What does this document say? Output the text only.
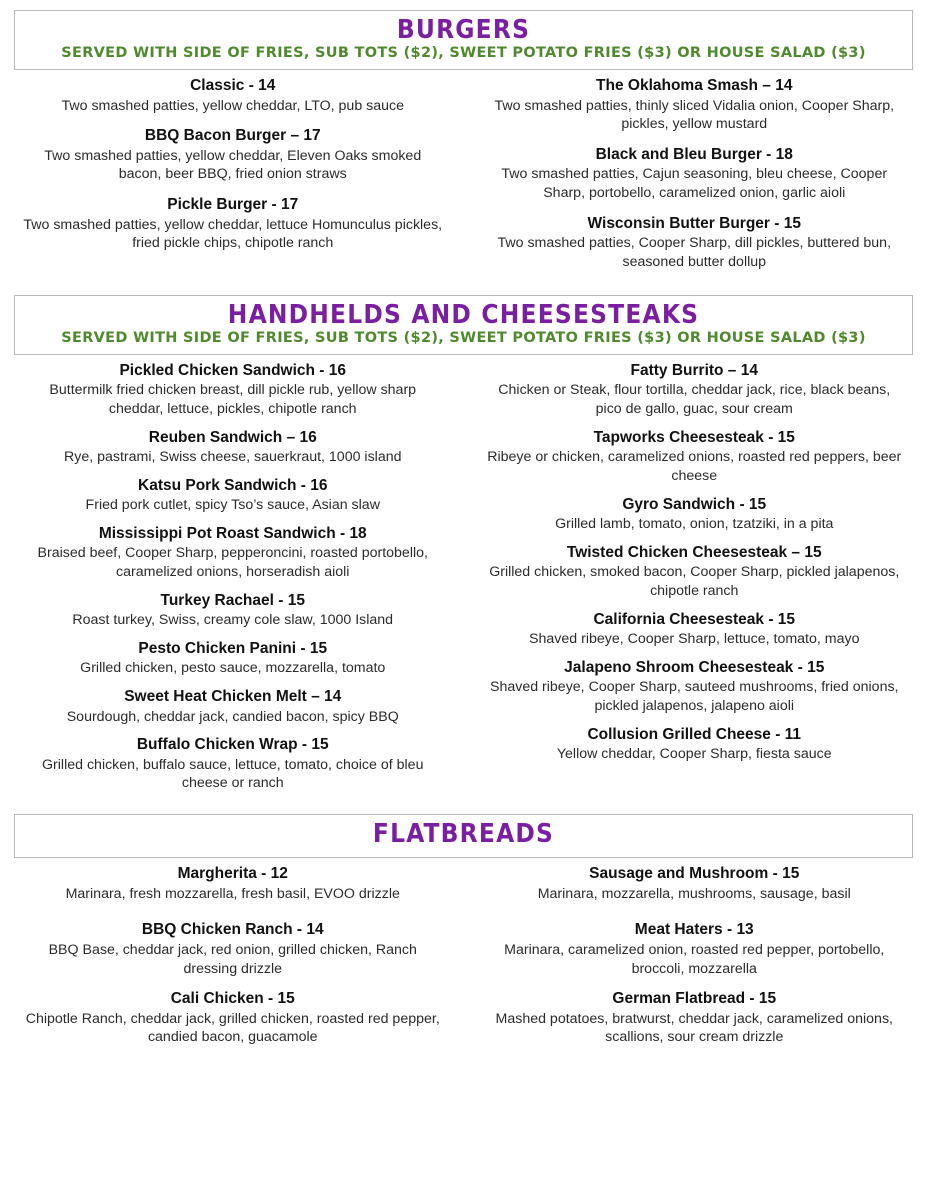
BURGERS
SERVED WITH SIDE OF FRIES, SUB TOTS ($2), SWEET POTATO FRIES ($3) OR HOUSE SALAD ($3)
Classic - 14
Two smashed patties, yellow cheddar, LTO, pub sauce
BBQ Bacon Burger – 17
Two smashed patties, yellow cheddar, Eleven Oaks smoked bacon, beer BBQ, fried onion straws
Pickle Burger - 17
Two smashed patties, yellow cheddar, lettuce Homunculus pickles, fried pickle chips, chipotle ranch
The Oklahoma Smash – 14
Two smashed patties, thinly sliced Vidalia onion, Cooper Sharp, pickles, yellow mustard
Black and Bleu Burger - 18
Two smashed patties, Cajun seasoning, bleu cheese, Cooper Sharp, portobello, caramelized onion, garlic aioli
Wisconsin Butter Burger - 15
Two smashed patties, Cooper Sharp, dill pickles, buttered bun, seasoned butter dollup
HANDHELDS AND CHEESESTEAKS
SERVED WITH SIDE OF FRIES, SUB TOTS ($2), SWEET POTATO FRIES ($3) OR HOUSE SALAD ($3)
Pickled Chicken Sandwich - 16
Buttermilk fried chicken breast, dill pickle rub, yellow sharp cheddar, lettuce, pickles, chipotle ranch
Reuben Sandwich – 16
Rye, pastrami, Swiss cheese, sauerkraut, 1000 island
Katsu Pork Sandwich - 16
Fried pork cutlet, spicy Tso’s sauce, Asian slaw
Mississippi Pot Roast Sandwich - 18
Braised beef, Cooper Sharp, pepperoncini, roasted portobello, caramelized onions, horseradish aioli
Turkey Rachael - 15
Roast turkey, Swiss, creamy cole slaw, 1000 Island
Pesto Chicken Panini - 15
Grilled chicken, pesto sauce, mozzarella, tomato
Sweet Heat Chicken Melt – 14
Sourdough, cheddar jack, candied bacon, spicy BBQ
Buffalo Chicken Wrap - 15
Grilled chicken, buffalo sauce, lettuce, tomato, choice of bleu cheese or ranch
Fatty Burrito – 14
Chicken or Steak, flour tortilla, cheddar jack, rice, black beans, pico de gallo, guac, sour cream
Tapworks Cheesesteak - 15
Ribeye or chicken, caramelized onions, roasted red peppers, beer cheese
Gyro Sandwich - 15
Grilled lamb, tomato, onion, tzatziki, in a pita
Twisted Chicken Cheesesteak – 15
Grilled chicken, smoked bacon, Cooper Sharp, pickled jalapenos, chipotle ranch
California Cheesesteak - 15
Shaved ribeye, Cooper Sharp, lettuce, tomato, mayo
Jalapeno Shroom Cheesesteak - 15
Shaved ribeye, Cooper Sharp, sauteed mushrooms, fried onions, pickled jalapenos, jalapeno aioli
Collusion Grilled Cheese - 11
Yellow cheddar, Cooper Sharp, fiesta sauce
FLATBREADS
Margherita - 12
Marinara, fresh mozzarella, fresh basil, EVOO drizzle
BBQ Chicken Ranch - 14
BBQ Base, cheddar jack, red onion, grilled chicken, Ranch dressing drizzle
Cali Chicken - 15
Chipotle Ranch, cheddar jack, grilled chicken, roasted red pepper, candied bacon, guacamole
Sausage and Mushroom - 15
Marinara, mozzarella, mushrooms, sausage, basil
Meat Haters - 13
Marinara, caramelized onion, roasted red pepper, portobello, broccoli, mozzarella
German Flatbread - 15
Mashed potatoes, bratwurst, cheddar jack, caramelized onions, scallions, sour cream drizzle
